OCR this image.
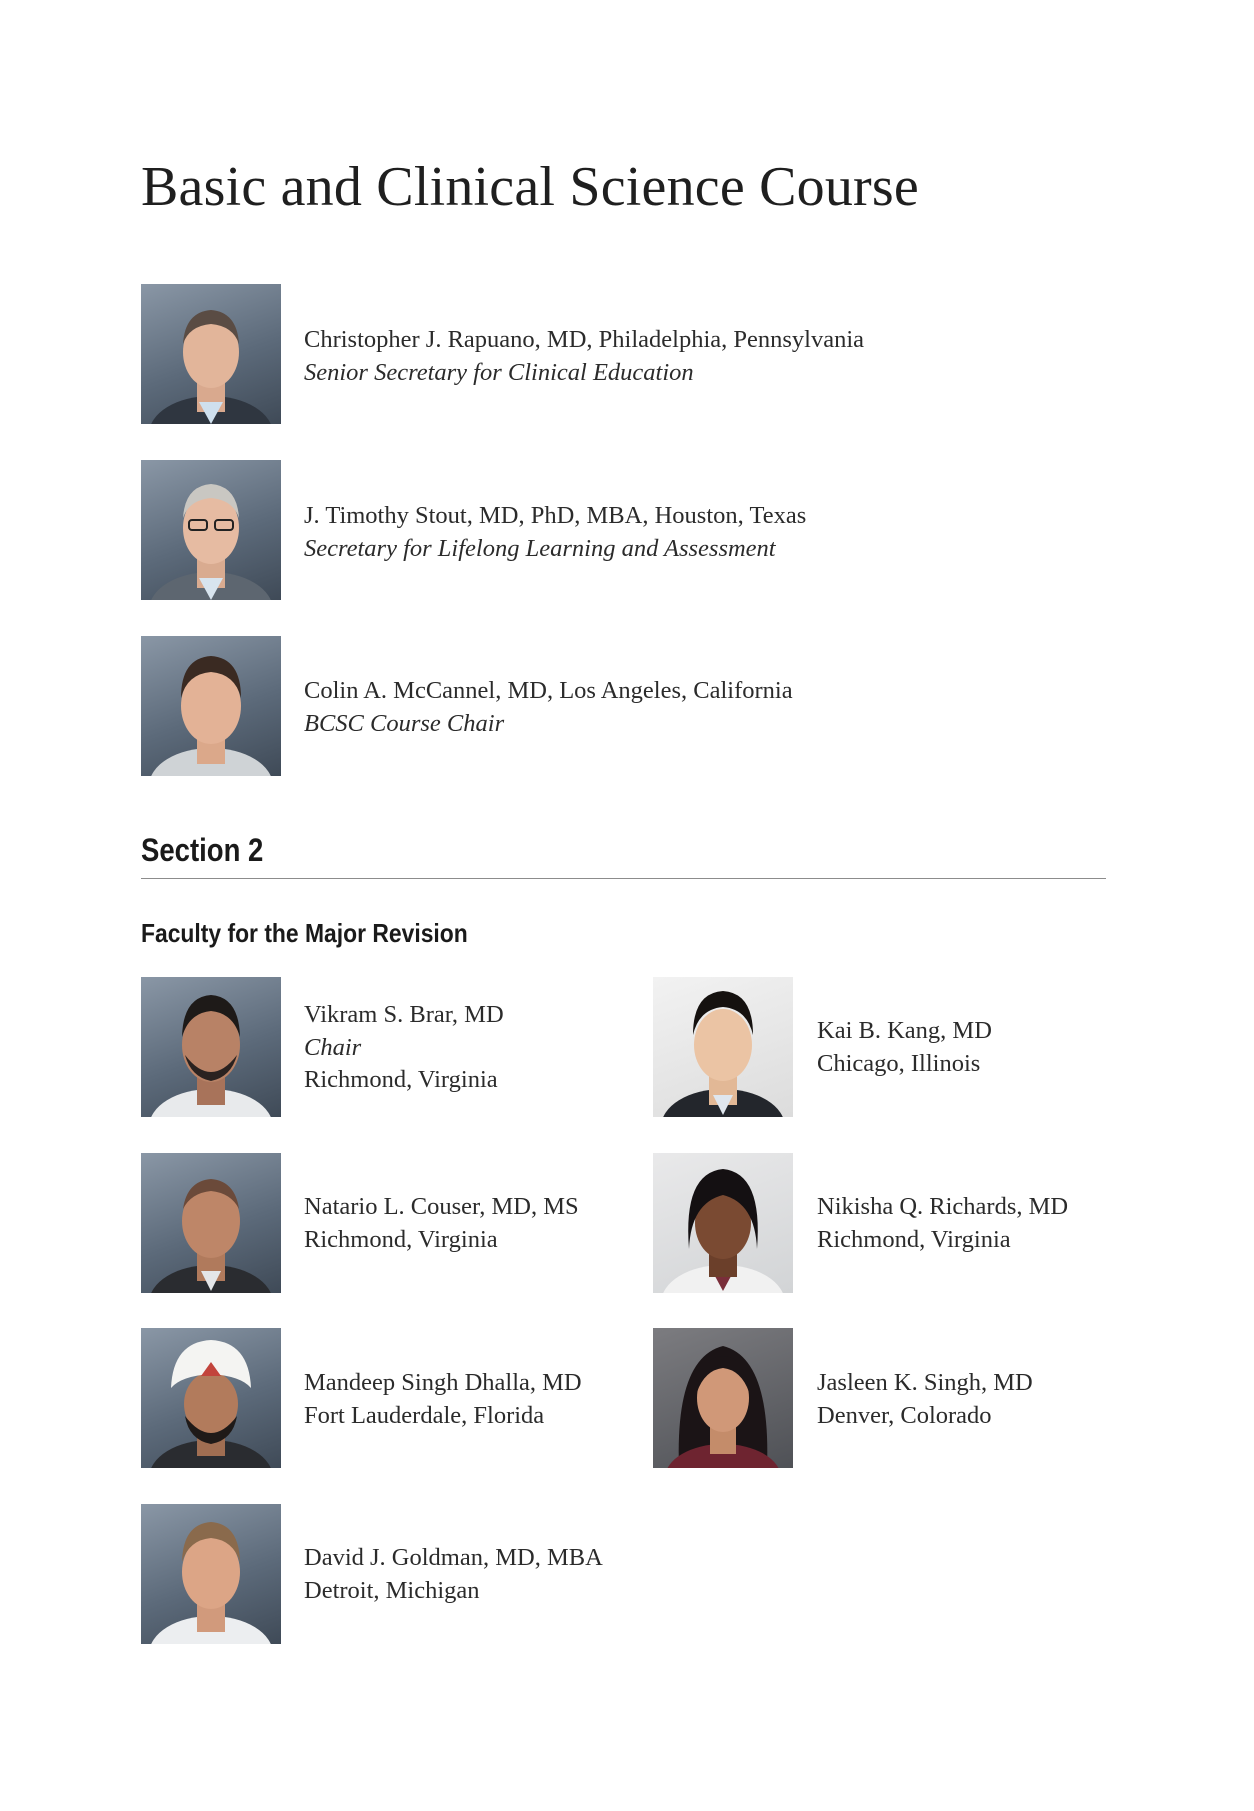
Basic and Clinical Science Course
Christopher J. Rapuano, MD, Philadelphia, Pennsylvania
Senior Secretary for Clinical Education
J. Timothy Stout, MD, PhD, MBA, Houston, Texas
Secretary for Lifelong Learning and Assessment
Colin A. McCannel, MD, Los Angeles, California
BCSC Course Chair
Section 2
Faculty for the Major Revision
Vikram S. Brar, MD
Chair
Richmond, Virginia
Natario L. Couser, MD, MS
Richmond, Virginia
Mandeep Singh Dhalla, MD
Fort Lauderdale, Florida
David J. Goldman, MD, MBA
Detroit, Michigan
Kai B. Kang, MD
Chicago, Illinois
Nikisha Q. Richards, MD
Richmond, Virginia
Jasleen K. Singh, MD
Denver, Colorado
